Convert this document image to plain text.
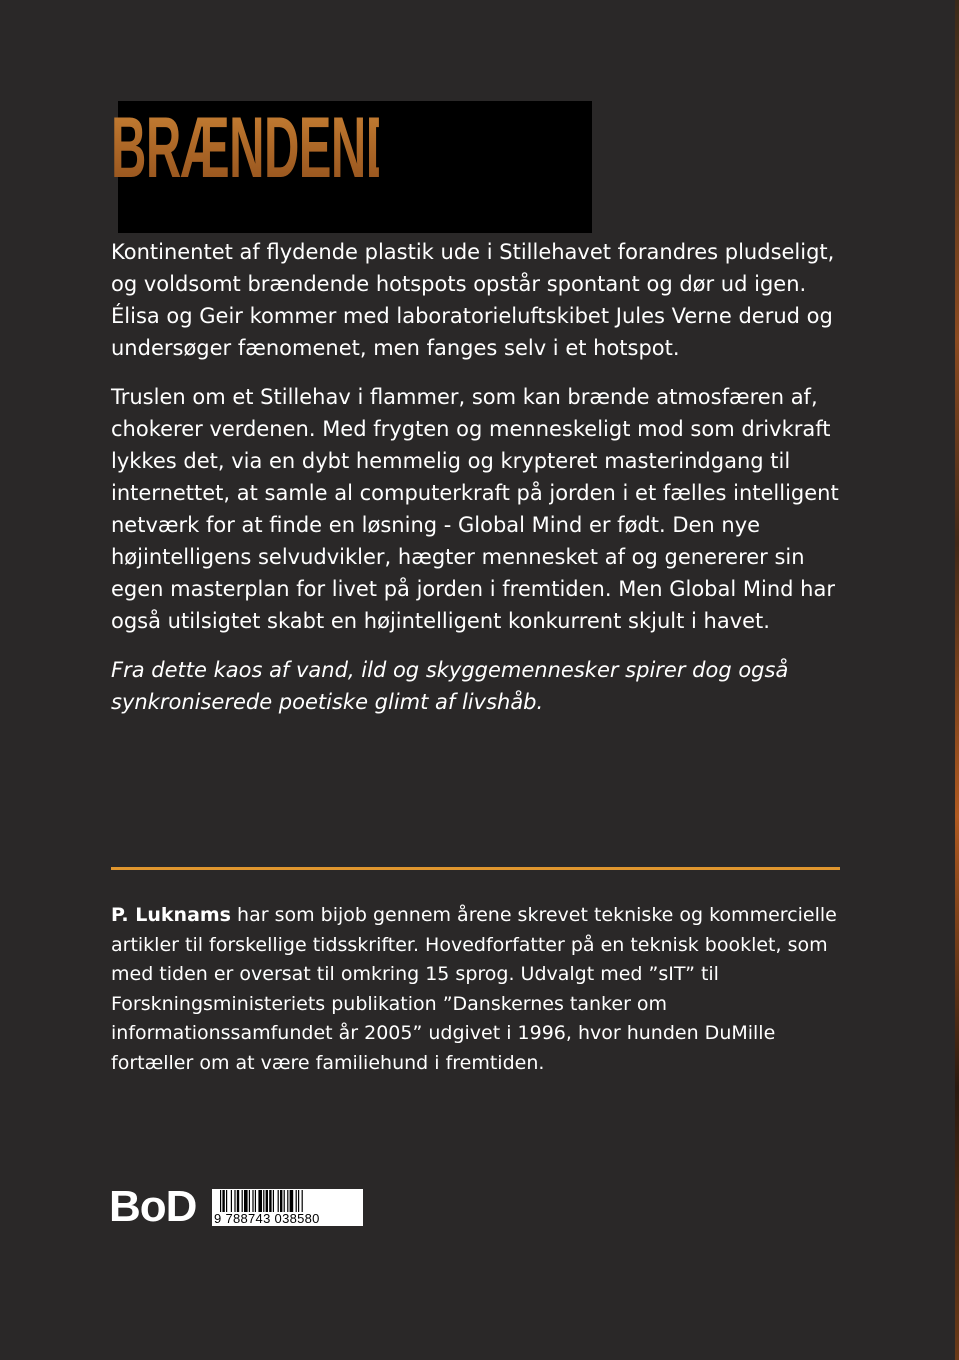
BRÆNDENDE VAND

Kontinentet af flydende plastik ude i Stillehavet forandres pludseligt, og voldsomt brændende hotspots opstår spontant og dør ud igen. Élisa og Geir kommer med laboratorieluftskibet Jules Verne derud og undersøger fænomenet, men fanges selv i et hotspot.

Truslen om et Stillehav i flammer, som kan brænde atmosfæren af, chokerer verdenen. Med frygten og menneskeligt mod som drivkraft lykkes det, via en dybt hemmelig og krypteret masterindgang til internettet, at samle al computerkraft på jorden i et fælles intelligent netværk for at finde en løsning - Global Mind er født. Den nye højintelligens selvudvikler, hægter mennesket af og genererer sin egen masterplan for livet på jorden i fremtiden. Men Global Mind har også utilsigtet skabt en højintelligent konkurrent skjult i havet.

Fra dette kaos af vand, ild og skyggemennesker spirer dog også synkroniserede poetiske glimt af livshåb.

P. Luknams har som bijob gennem årene skrevet tekniske og kommercielle artikler til forskellige tidsskrifter. Hovedforfatter på en teknisk booklet, som med tiden er oversat til omkring 15 sprog. Udvalgt med ”sIT” til Forskningsministeriets publikation ”Danskernes tanker om informationssamfundet år 2005” udgivet i 1996, hvor hunden DuMille fortæller om at være familiehund i fremtiden.
BoD 9 788743 038580
